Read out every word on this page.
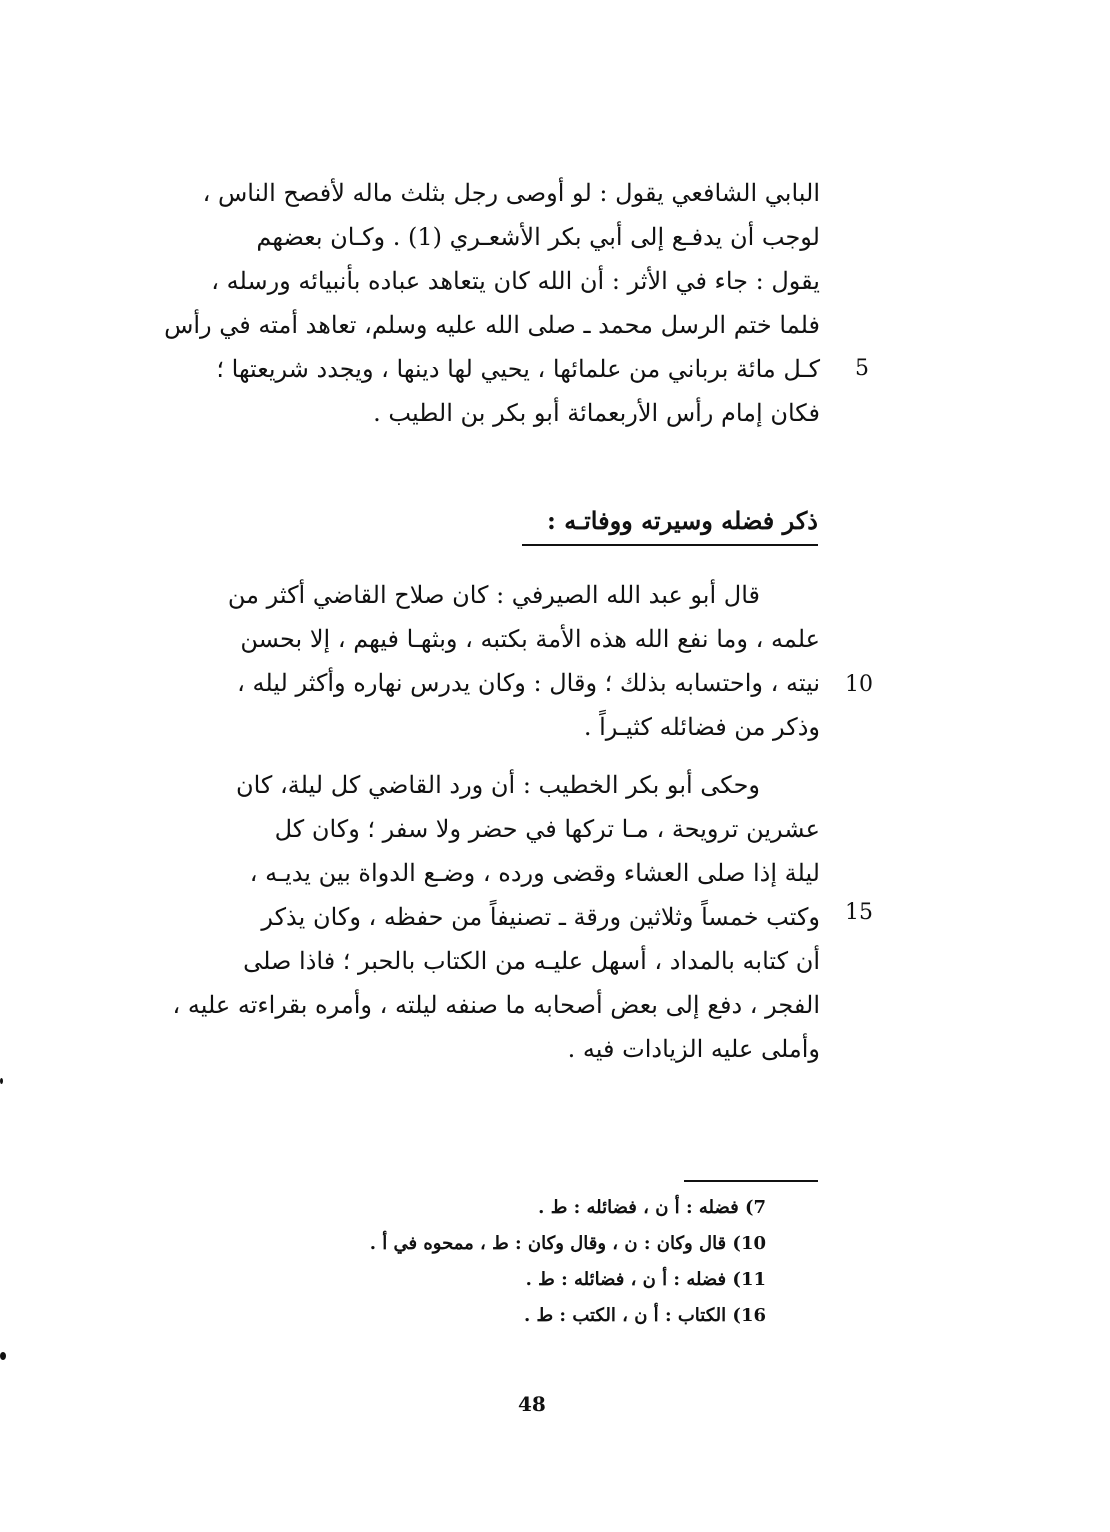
البابي الشافعي يقول : لو أوصى رجل بثلث ماله لأفصح الناس ،
لوجب أن يدفـع إلى أبي بكر الأشعـري (1) . وكـان بعضهم
يقول : جاء في الأثر : أن الله كان يتعاهد عباده بأنبيائه ورسله ،
فلما ختم الرسل محمد ـ صلى الله عليه وسلم، تعاهد أمته في رأس
كـل مائة برباني من علمائها ، يحيي لها دينها ، ويجدد شريعتها ؛
فكان إمام رأس الأربعمائة أبو بكر بن الطيب .
5
ذكر فضله وسيرته ووفاتـه :
قال أبو عبد الله الصيرفي : كان صلاح القاضي أكثر من
علمه ، وما نفع الله هذه الأمة بكتبه ، وبثهـا فيهم ، إلا بحسن
نيته ، واحتسابه بذلك ؛ وقال : وكان يدرس نهاره وأكثر ليله ،
وذكر من فضائله كثيـراً .
10
وحكى أبو بكر الخطيب : أن ورد القاضي كل ليلة، كان
عشرين ترويحة ، مـا تركها في حضر ولا سفر ؛ وكان كل
ليلة إذا صلى العشاء وقضى ورده ، وضـع الدواة بين يديـه ،
وكتب خمساً وثلاثين ورقة ـ تصنيفاً من حفظه ، وكان يذكر
أن كتابه بالمداد ، أسهل عليـه من الكتاب بالحبر ؛ فاذا صلى
الفجر ، دفع إلى بعض أصحابه ما صنفه ليلته ، وأمره بقراءته عليه ،
وأملى عليه الزيادات فيه .
15
7) فضله : أ ن ، فضائله : ط .
10) قال وكان : ن ، وقال وكان : ط ، ممحوه في أ .
11) فضله : أ ن ، فضائله : ط .
16) الكتاب : أ ن ، الكتب : ط .
48
